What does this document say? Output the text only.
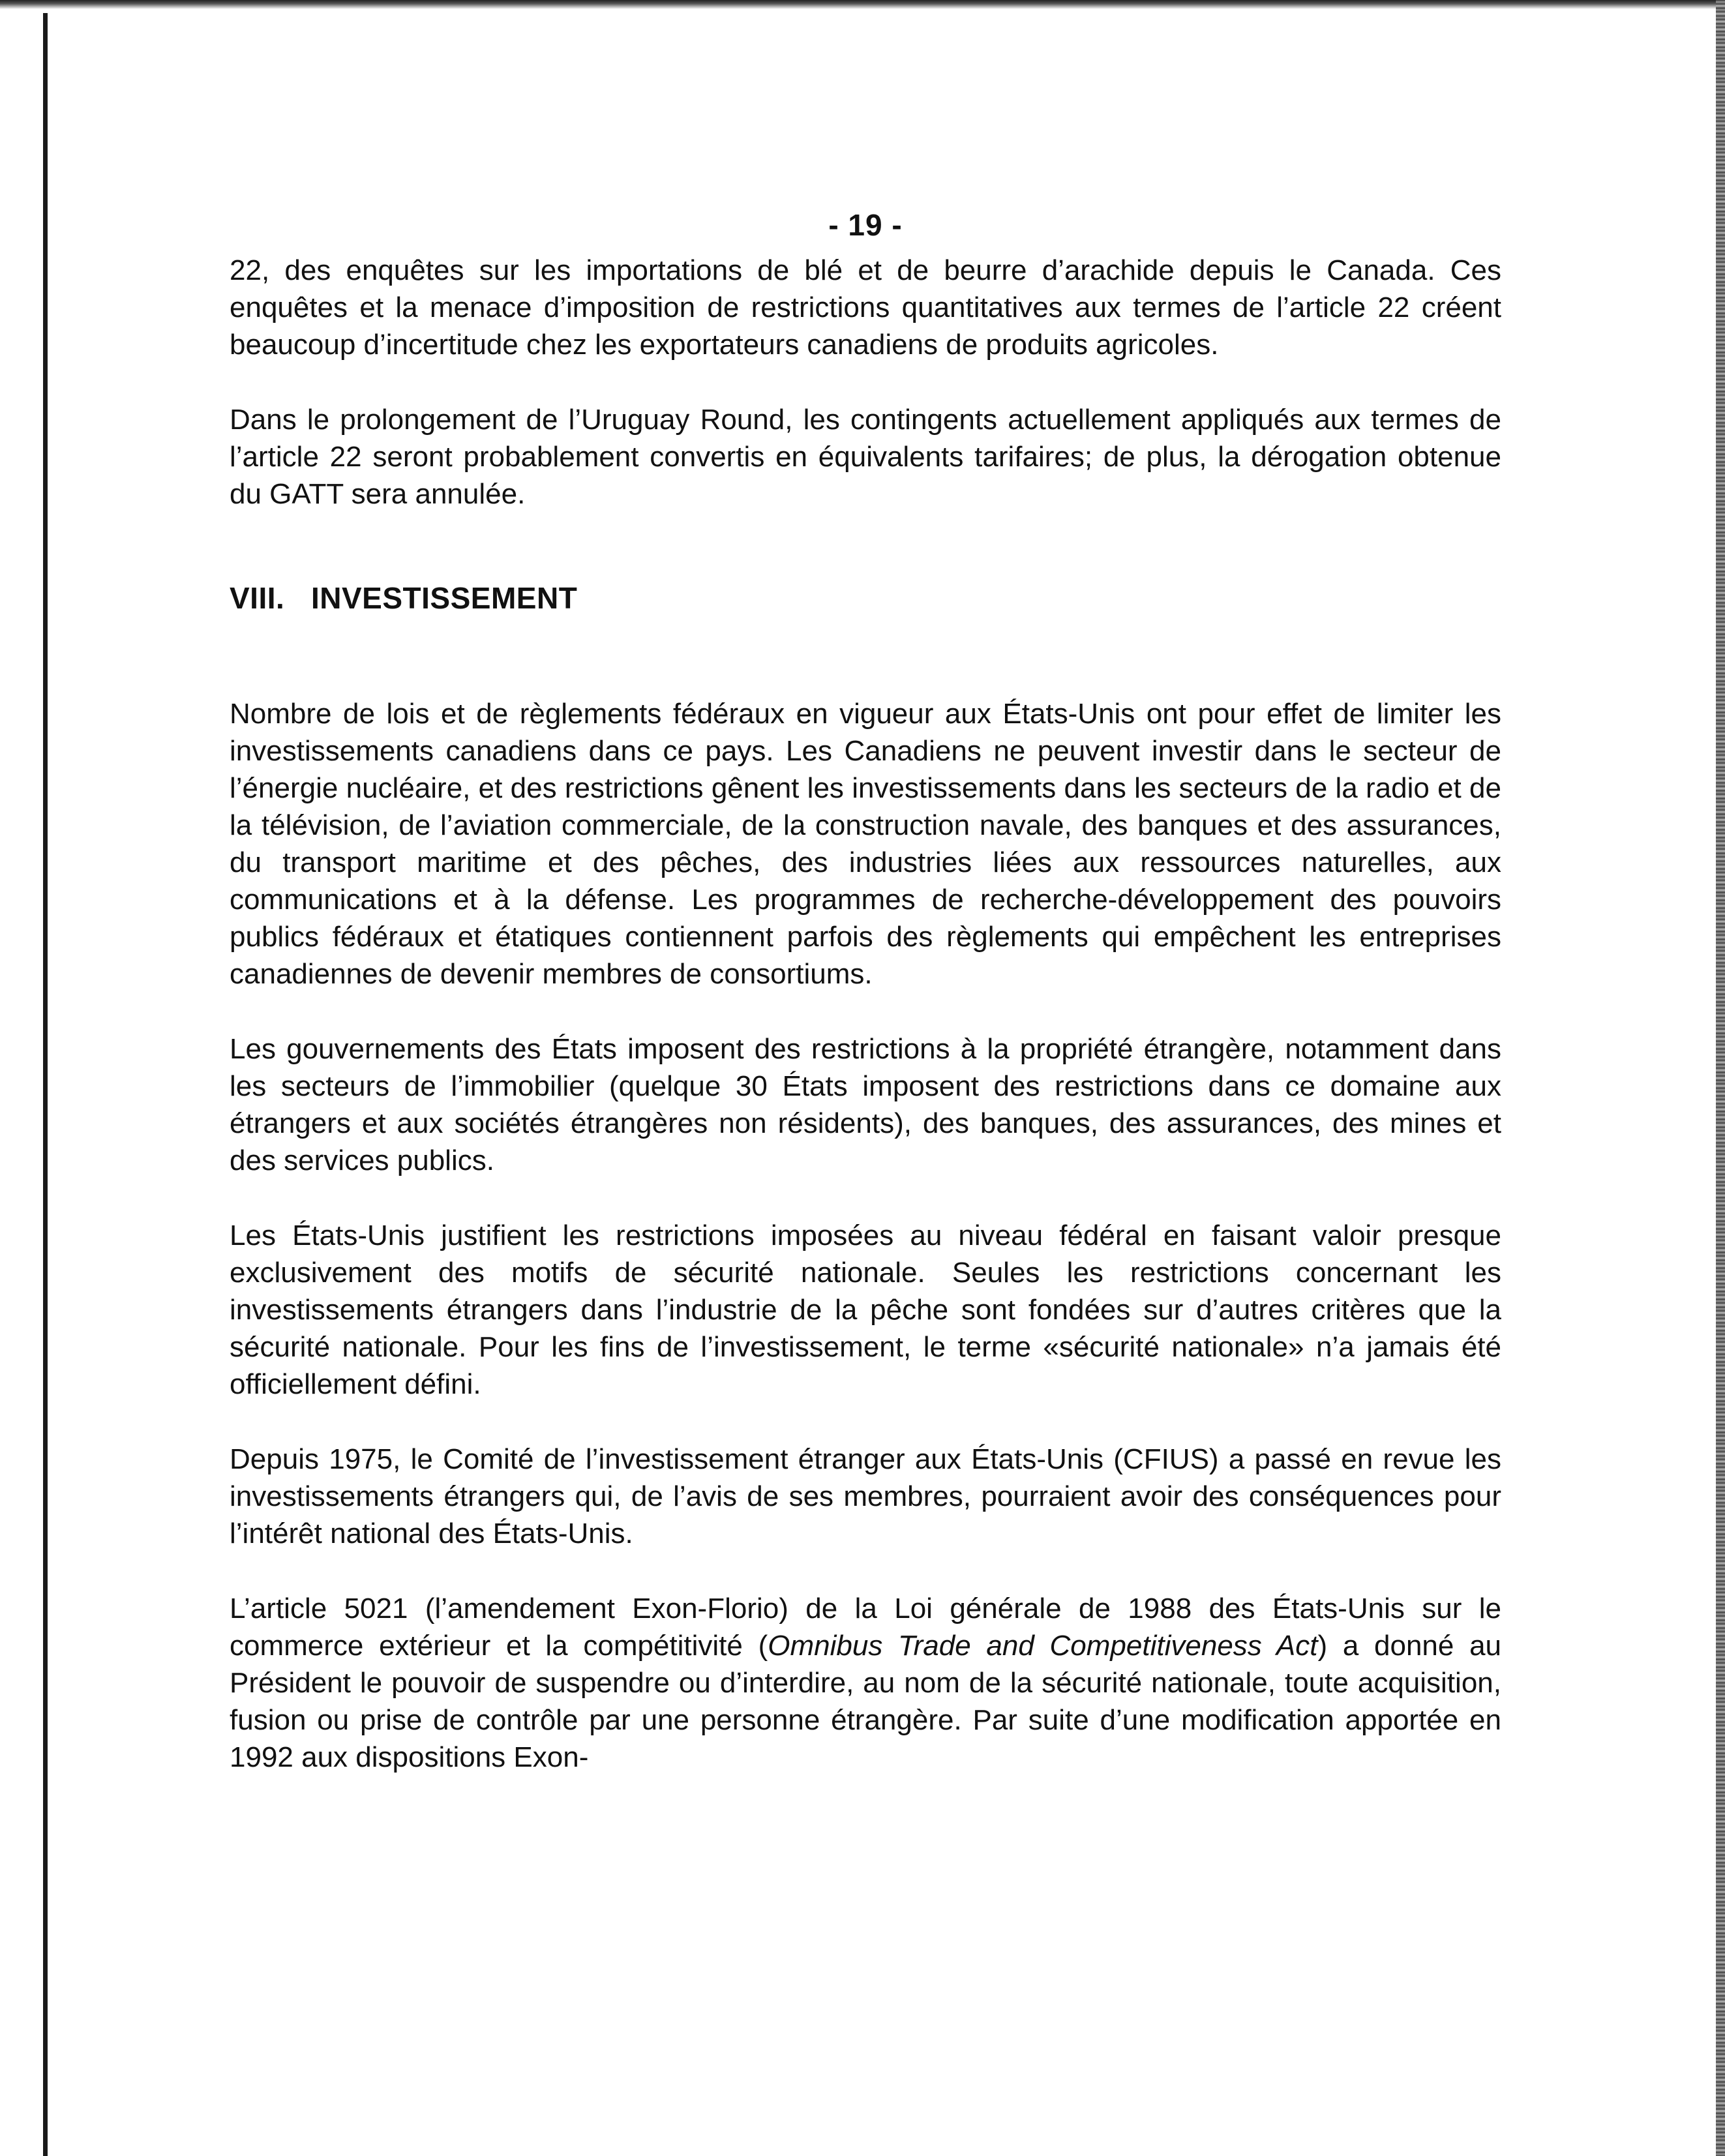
- 19 -

22, des enquêtes sur les importations de blé et de beurre d’arachide depuis le Canada. Ces enquêtes et la menace d’imposition de restrictions quantitatives aux termes de l’article 22 créent beaucoup d’incertitude chez les exportateurs canadiens de produits agricoles.

Dans le prolongement de l’Uruguay Round, les contingents actuellement appliqués aux termes de l’article 22 seront probablement convertis en équivalents tarifaires; de plus, la dérogation obtenue du GATT sera annulée.

VIII. INVESTISSEMENT

Nombre de lois et de règlements fédéraux en vigueur aux États-Unis ont pour effet de limiter les investissements canadiens dans ce pays. Les Canadiens ne peuvent investir dans le secteur de l’énergie nucléaire, et des restrictions gênent les investissements dans les secteurs de la radio et de la télévision, de l’aviation commerciale, de la construction navale, des banques et des assurances, du transport maritime et des pêches, des industries liées aux ressources naturelles, aux communications et à la défense. Les programmes de recherche-développement des pouvoirs publics fédéraux et étatiques contiennent parfois des règlements qui empêchent les entreprises canadiennes de devenir membres de consortiums.

Les gouvernements des États imposent des restrictions à la propriété étrangère, notamment dans les secteurs de l’immobilier (quelque 30 États imposent des restrictions dans ce domaine aux étrangers et aux sociétés étrangères non résidents), des banques, des assurances, des mines et des services publics.

Les États-Unis justifient les restrictions imposées au niveau fédéral en faisant valoir presque exclusivement des motifs de sécurité nationale. Seules les restrictions concernant les investissements étrangers dans l’industrie de la pêche sont fondées sur d’autres critères que la sécurité nationale. Pour les fins de l’investissement, le terme «sécurité nationale» n’a jamais été officiellement défini.

Depuis 1975, le Comité de l’investissement étranger aux États-Unis (CFIUS) a passé en revue les investissements étrangers qui, de l’avis de ses membres, pourraient avoir des conséquences pour l’intérêt national des États-Unis.

L’article 5021 (l’amendement Exon-Florio) de la Loi générale de 1988 des États-Unis sur le commerce extérieur et la compétitivité (Omnibus Trade and Competitiveness Act) a donné au Président le pouvoir de suspendre ou d’interdire, au nom de la sécurité nationale, toute acquisition, fusion ou prise de contrôle par une personne étrangère. Par suite d’une modification apportée en 1992 aux dispositions Exon-
